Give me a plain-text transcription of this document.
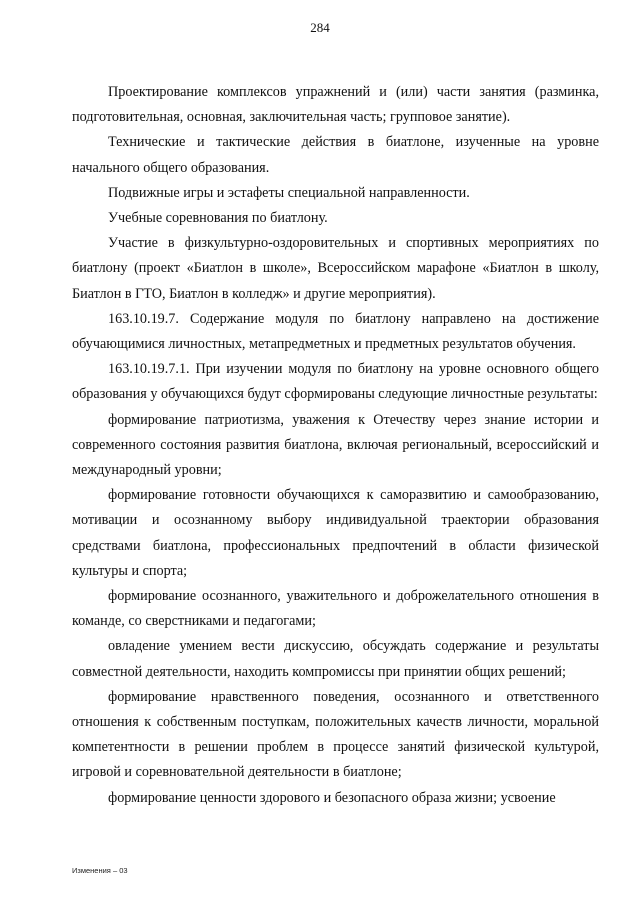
284

Проектирование комплексов упражнений и (или) части занятия (разминка, подготовительная, основная, заключительная часть; групповое занятие).

Технические и тактические действия в биатлоне, изученные на уровне начального общего образования.

Подвижные игры и эстафеты специальной направленности.

Учебные соревнования по биатлону.

Участие в физкультурно-оздоровительных и спортивных мероприятиях по биатлону (проект «Биатлон в школе», Всероссийском марафоне «Биатлон в школу, Биатлон в ГТО, Биатлон в колледж» и другие мероприятия).

163.10.19.7. Содержание модуля по биатлону направлено на достижение обучающимися личностных, метапредметных и предметных результатов обучения.

163.10.19.7.1. При изучении модуля по биатлону на уровне основного общего образования у обучающихся будут сформированы следующие личностные результаты:

формирование патриотизма, уважения к Отечеству через знание истории и современного состояния развития биатлона, включая региональный, всероссийский и международный уровни;

формирование готовности обучающихся к саморазвитию и самообразованию, мотивации и осознанному выбору индивидуальной траектории образования средствами биатлона, профессиональных предпочтений в области физической культуры и спорта;

формирование осознанного, уважительного и доброжелательного отношения в команде, со сверстниками и педагогами;

овладение умением вести дискуссию, обсуждать содержание и результаты совместной деятельности, находить компромиссы при принятии общих решений;

формирование нравственного поведения, осознанного и ответственного отношения к собственным поступкам, положительных качеств личности, моральной компетентности в решении проблем в процессе занятий физической культурой, игровой и соревновательной деятельности в биатлоне;

формирование ценности здорового и безопасного образа жизни; усвоение

Изменения – 03
